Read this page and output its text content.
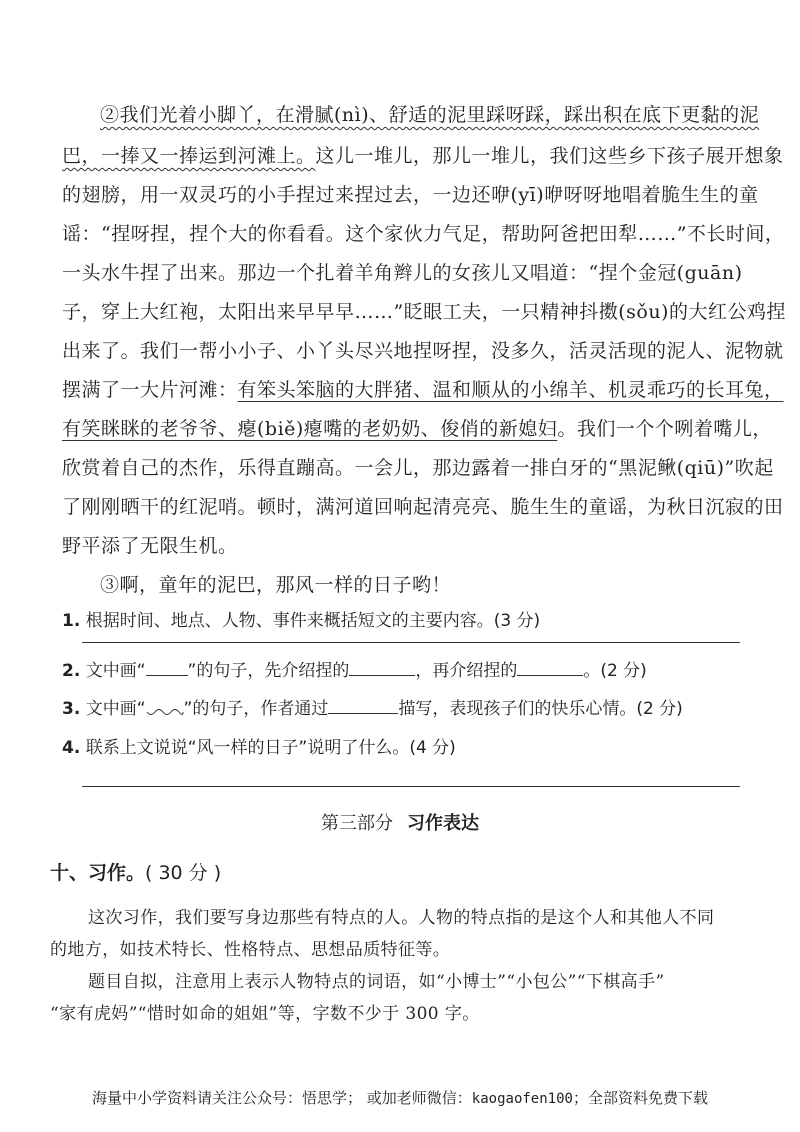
②我们光着小脚丫，在滑腻(nì)、舒适的泥里踩呀踩，踩出积在底下更黏的泥
巴，一捧又一捧运到河滩上。这儿一堆儿，那儿一堆儿，我们这些乡下孩子展开想象
的翅膀，用一双灵巧的小手捏过来捏过去，一边还咿(yī)咿呀呀地唱着脆生生的童
谣：“捏呀捏，捏个大的你看看。这个家伙力气足，帮助阿爸把田犁……”不长时间，
一头水牛捏了出来。那边一个扎着羊角辫儿的女孩儿又唱道：“捏个金冠(guān)
子，穿上大红袍，太阳出来早早早……”眨眼工夫，一只精神抖擞(sǒu)的大红公鸡捏
出来了。我们一帮小小子、小丫头尽兴地捏呀捏，没多久，活灵活现的泥人、泥物就
摆满了一大片河滩：有笨头笨脑的大胖猪、温和顺从的小绵羊、机灵乖巧的长耳兔，
有笑眯眯的老爷爷、瘪(biě)瘪嘴的老奶奶、俊俏的新媳妇。我们一个个咧着嘴儿，
欣赏着自己的杰作，乐得直蹦高。一会儿，那边露着一排白牙的“黑泥鳅(qiū)”吹起
了刚刚晒干的红泥哨。顿时，满河道回响起清亮亮、脆生生的童谣，为秋日沉寂的田
野平添了无限生机。
③啊，童年的泥巴，那风一样的日子哟！
1. 根据时间、地点、人物、事件来概括短文的主要内容。(3 分)
2. 文中画“ ”的句子，先介绍捏的	，再介绍捏的	。(2 分)
3. 文中画“ ”的句子，作者通过	描写，表现孩子们的快乐心情。(2 分)
4. 联系上文说说“风一样的日子”说明了什么。(4 分)
第三部分 习作表达
十、习作。( 30 分 )
这次习作，我们要写身边那些有特点的人。人物的特点指的是这个人和其他人不同
的地方，如技术特长、性格特点、思想品质特征等。
题目自拟，注意用上表示人物特点的词语，如“小博士”“小包公”“下棋高手”
“家有虎妈”“惜时如命的姐姐”等，字数不少于 300 字。
海量中小学资料请关注公众号：悟思学； 或加老师微信：kaogaofen100；全部资料免费下载
